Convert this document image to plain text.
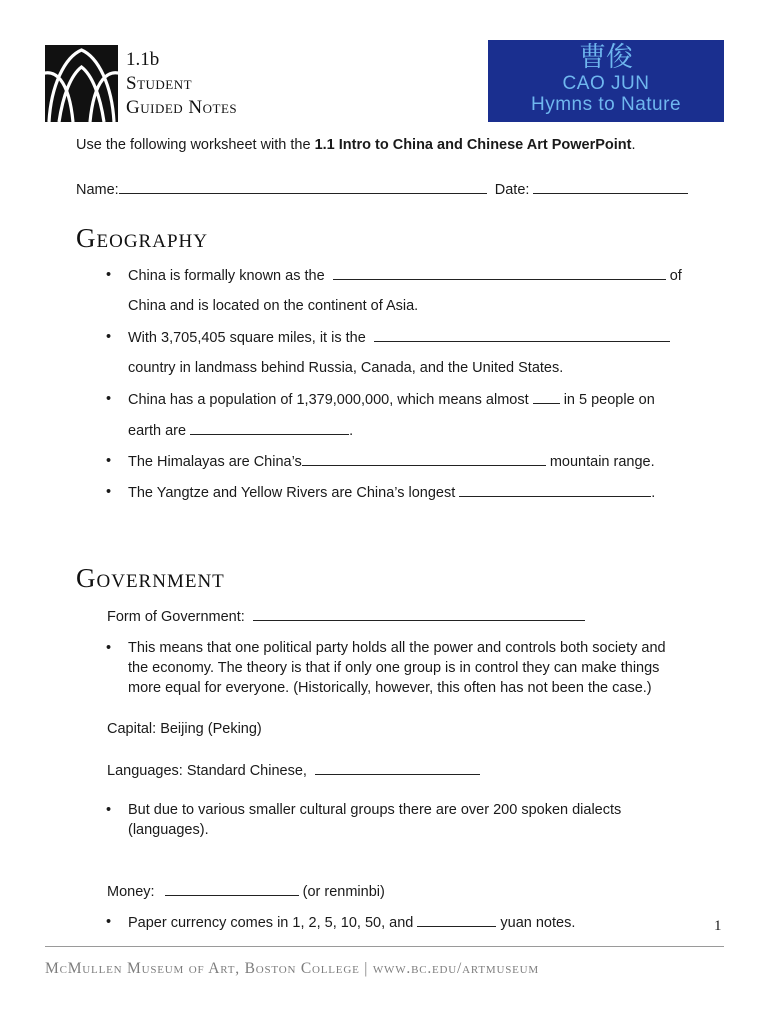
1.1b
Student
Guided Notes
曹俊
CAO JUN
Hymns to Nature
Use the following worksheet with the 1.1 Intro to China and Chinese Art PowerPoint.
Name:	Date:
Geography
• China is formally known as the	of
China and is located on the continent of Asia.
• With 3,705,405 square miles, it is the
country in landmass behind Russia, Canada, and the United States.
• China has a population of 1,379,000,000, which means almost in 5 people on
earth are	.
• The Himalayas are China’s	mountain range.
• The Yangtze and Yellow Rivers are China’s longest	.
Government
Form of Government:
• This means that one political party holds all the power and controls both society and
the economy. The theory is that if only one group is in control they can make things
more equal for everyone. (Historically, however, this often has not been the case.)
Capital: Beijing (Peking)
Languages: Standard Chinese,
• But due to various smaller cultural groups there are over 200 spoken dialects
(languages).
Money:	(or renminbi)
• Paper currency comes in 1, 2, 5, 10, 50, and	yuan notes.	1
McMullen Museum of Art, Boston College | www.bc.edu/artmuseum
